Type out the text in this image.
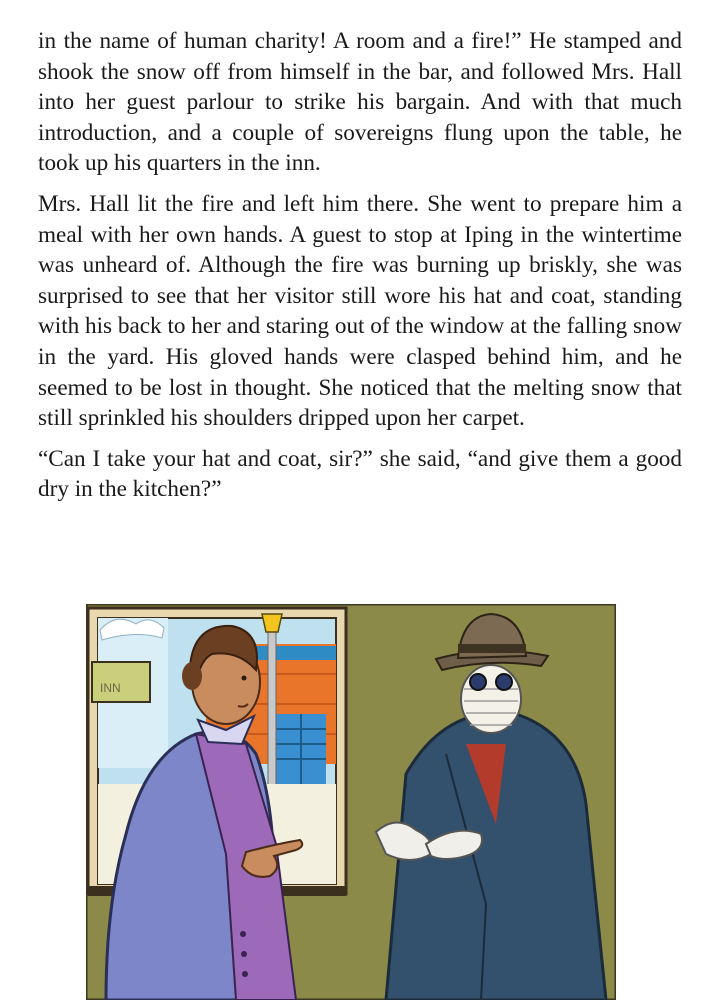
in the name of human charity! A room and a fire!” He stamped and shook the snow off from himself in the bar, and followed Mrs. Hall into her guest parlour to strike his bargain. And with that much introduction, and a couple of sovereigns flung upon the table, he took up his quarters in the inn.

Mrs. Hall lit the fire and left him there. She went to prepare him a meal with her own hands. A guest to stop at Iping in the wintertime was unheard of. Although the fire was burning up briskly, she was surprised to see that her visitor still wore his hat and coat, standing with his back to her and staring out of the window at the falling snow in the yard. His gloved hands were clasped behind him, and he seemed to be lost in thought. She noticed that the melting snow that still sprinkled his shoulders dripped upon her carpet.

“Can I take your hat and coat, sir?” she said, “and give them a good dry in the kitchen?”

INN
